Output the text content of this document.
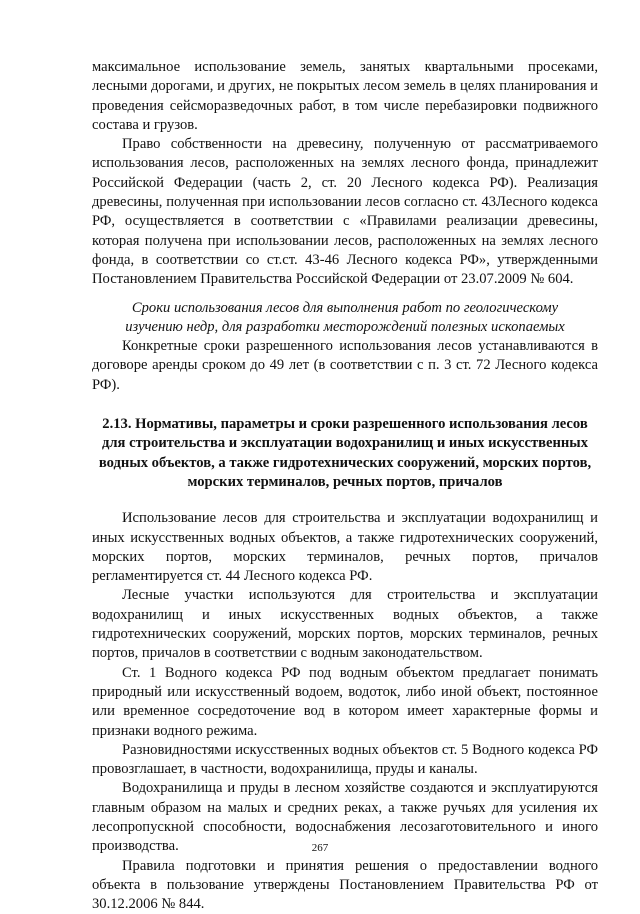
максимальное использование земель, занятых квартальными просеками, лесными дорогами, и других, не покрытых лесом земель в целях планирования и проведения сейсморазведочных работ, в том числе перебазировки подвижного состава и грузов.

Право собственности на древесину, полученную от рассматриваемого использования лесов, расположенных на землях лесного фонда, принадлежит Российской Федерации (часть 2, ст. 20 Лесного кодекса РФ). Реализация древесины, полученная при использовании лесов согласно ст. 43Лесного кодекса РФ, осуществляется в соответствии с «Правилами реализации древесины, которая получена при использовании лесов, расположенных на землях лесного фонда, в соответствии со ст.ст. 43-46 Лесного кодекса РФ», утвержденными Постановлением Правительства Российской Федерации от 23.07.2009 № 604.

Сроки использования лесов для выполнения работ по геологическому изучению недр, для разработки месторождений полезных ископаемых

Конкретные сроки разрешенного использования лесов устанавливаются в договоре аренды сроком до 49 лет (в соответствии с п. 3 ст. 72 Лесного кодекса РФ).

2.13. Нормативы, параметры и сроки разрешенного использования лесов для строительства и эксплуатации водохранилищ и иных искусственных водных объектов, а также гидротехнических сооружений, морских портов, морских терминалов, речных портов, причалов

Использование лесов для строительства и эксплуатации водохранилищ и иных искусственных водных объектов, а также гидротехнических сооружений, морских портов, морских терминалов, речных портов, причалов регламентируется ст. 44 Лесного кодекса РФ.

Лесные участки используются для строительства и эксплуатации водохранилищ и иных искусственных водных объектов, а также гидротехнических сооружений, морских портов, морских терминалов, речных портов, причалов в соответствии с водным законодательством.

Ст. 1 Водного кодекса РФ под водным объектом предлагает понимать природный или искусственный водоем, водоток, либо иной объект, постоянное или временное сосредоточение вод в котором имеет характерные формы и признаки водного режима.

Разновидностями искусственных водных объектов ст. 5 Водного кодекса РФ провозглашает, в частности, водохранилища, пруды и каналы.

Водохранилища и пруды в лесном хозяйстве создаются и эксплуатируются главным образом на малых и средних реках, а также ручьях для усиления их лесопропускной способности, водоснабжения лесозаготовительного и иного производства.

Правила подготовки и принятия решения о предоставлении водного объекта в пользование утверждены Постановлением Правительства РФ от 30.12.2006 № 844.

267
